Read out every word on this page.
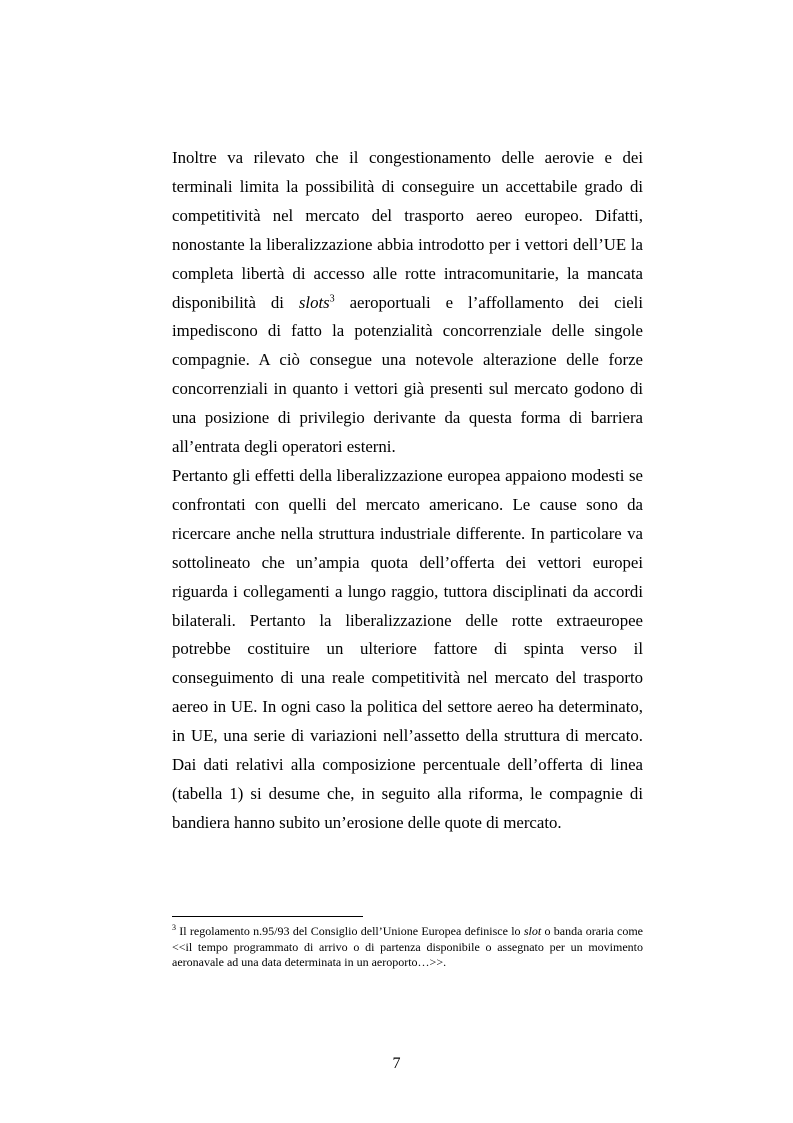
Inoltre va rilevato che il congestionamento delle aerovie e dei terminali limita la possibilità di conseguire un accettabile grado di competitività nel mercato del trasporto aereo europeo. Difatti, nonostante la liberalizzazione abbia introdotto per i vettori dell’UE la completa libertà di accesso alle rotte intracomunitarie, la mancata disponibilità di slots$^3$ aeroportuali e l’affollamento dei cieli impediscono di fatto la potenzialità concorrenziale delle singole compagnie. A ciò consegue una notevole alterazione delle forze concorrenziali in quanto i vettori già presenti sul mercato godono di una posizione di privilegio derivante da questa forma di barriera all’entrata degli operatori esterni.

Pertanto gli effetti della liberalizzazione europea appaiono modesti se confrontati con quelli del mercato americano. Le cause sono da ricercare anche nella struttura industriale differente. In particolare va sottolineato che un’ampia quota dell’offerta dei vettori europei riguarda i collegamenti a lungo raggio, tuttora disciplinati da accordi bilaterali. Pertanto la liberalizzazione delle rotte extraeuropee potrebbe costituire un ulteriore fattore di spinta verso il conseguimento di una reale competitività nel mercato del trasporto aereo in UE. In ogni caso la politica del settore aereo ha determinato, in UE, una serie di variazioni nell’assetto della struttura di mercato. Dai dati relativi alla composizione percentuale dell’offerta di linea (tabella 1) si desume che, in seguito alla riforma, le compagnie di bandiera hanno subito un’erosione delle quote di mercato.

$^3$ Il regolamento n.95/93 del Consiglio dell’Unione Europea definisce lo slot o banda oraria come <<il tempo programmato di arrivo o di partenza disponibile o assegnato per un movimento aeronavale ad una data determinata in un aeroporto…>>.

7
